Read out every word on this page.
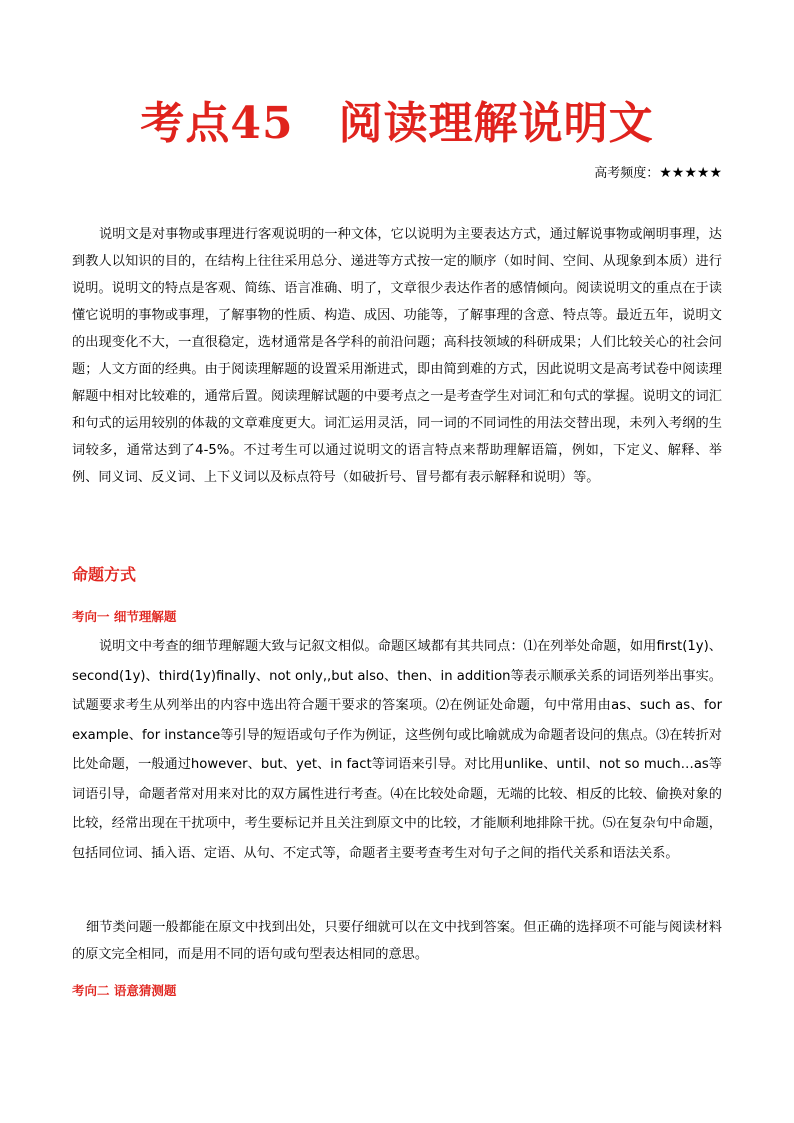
考点45　阅读理解说明文
高考频度：★★★★★
说明文是对事物或事理进行客观说明的一种文体，它以说明为主要表达方式，通过解说事物或阐明事理，达到教人以知识的目的，在结构上往往采用总分、递进等方式按一定的顺序（如时间、空间、从现象到本质）进行说明。说明文的特点是客观、简练、语言准确、明了，文章很少表达作者的感情倾向。阅读说明文的重点在于读懂它说明的事物或事理，了解事物的性质、构造、成因、功能等，了解事理的含意、特点等。最近五年，说明文的出现变化不大，一直很稳定，选材通常是各学科的前沿问题；高科技领域的科研成果；人们比较关心的社会问题；人文方面的经典。由于阅读理解题的设置采用渐进式，即由简到难的方式，因此说明文是高考试卷中阅读理解题中相对比较难的，通常后置。阅读理解试题的中要考点之一是考查学生对词汇和句式的掌握。说明文的词汇和句式的运用较别的体裁的文章难度更大。词汇运用灵活，同一词的不同词性的用法交替出现，未列入考纲的生词较多，通常达到了4-5%。不过考生可以通过说明文的语言特点来帮助理解语篇，例如，下定义、解释、举例、同义词、反义词、上下义词以及标点符号（如破折号、冒号都有表示解释和说明）等。
命题方式
考向一 细节理解题
说明文中考查的细节理解题大致与记叙文相似。命题区域都有其共同点：⑴在列举处命题，如用first(1y)、second(1y)、third(1y)finally、not only,,but also、then、in addition等表示顺承关系的词语列举出事实。试题要求考生从列举出的内容中选出符合题干要求的答案项。⑵在例证处命题，句中常用由as、such as、for example、for instance等引导的短语或句子作为例证，这些例句或比喻就成为命题者设问的焦点。⑶在转折对比处命题，一般通过however、but、yet、in fact等词语来引导。对比用unlike、until、not so much…as等词语引导，命题者常对用来对比的双方属性进行考查。⑷在比较处命题，无端的比较、相反的比较、偷换对象的比较，经常出现在干扰项中，考生要标记并且关注到原文中的比较，才能顺利地排除干扰。⑸在复杂句中命题，包括同位词、插入语、定语、从句、不定式等，命题者主要考查考生对句子之间的指代关系和语法关系。
细节类问题一般都能在原文中找到出处，只要仔细就可以在文中找到答案。但正确的选择项不可能与阅读材料的原文完全相同，而是用不同的语句或句型表达相同的意思。
考向二 语意猜测题
